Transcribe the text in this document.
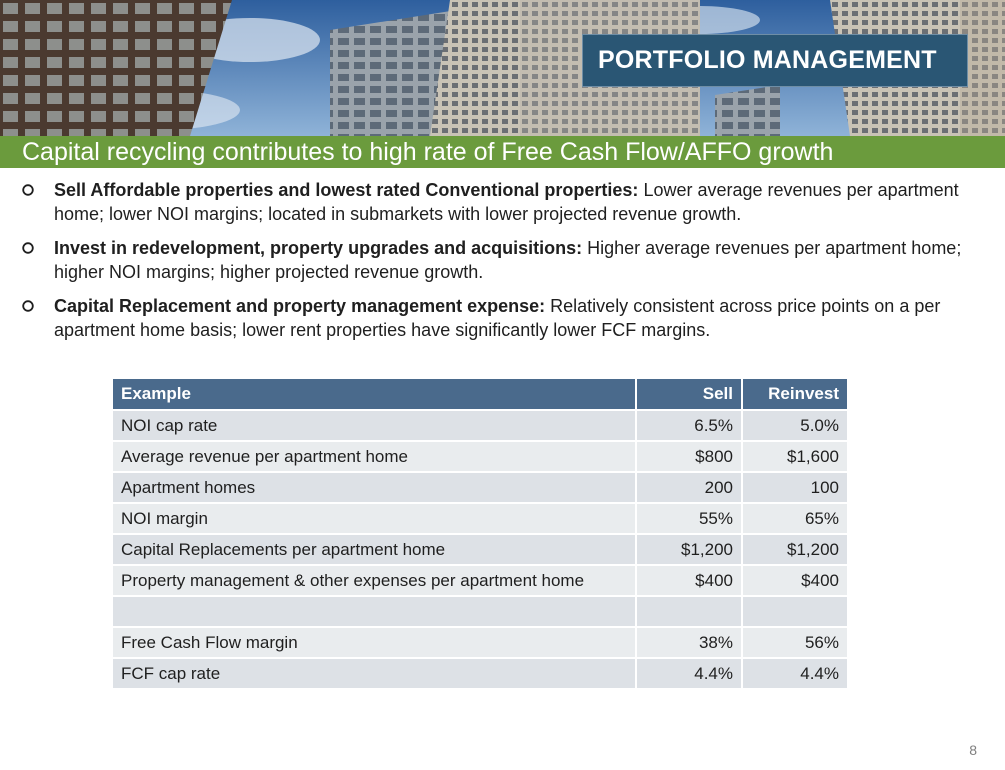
PORTFOLIO MANAGEMENT
Capital recycling contributes to high rate of Free Cash Flow/AFFO growth
Sell Affordable properties and lowest rated Conventional properties: Lower average revenues per apartment home; lower NOI margins; located in submarkets with lower projected revenue growth.
Invest in redevelopment, property upgrades and acquisitions: Higher average revenues per apartment home; higher NOI margins; higher projected revenue growth.
Capital Replacement and property management expense: Relatively consistent across price points on a per apartment home basis; lower rent properties have significantly lower FCF margins.
Example	Sell	Reinvest
NOI cap rate	6.5%	5.0%
Average revenue per apartment home	$800	$1,600
Apartment homes	200	100
NOI margin	55%	65%
Capital Replacements per apartment home	$1,200	$1,200
Property management & other expenses per apartment home	$400	$400

Free Cash Flow margin	38%	56%
FCF cap rate	4.4%	4.4%
8
